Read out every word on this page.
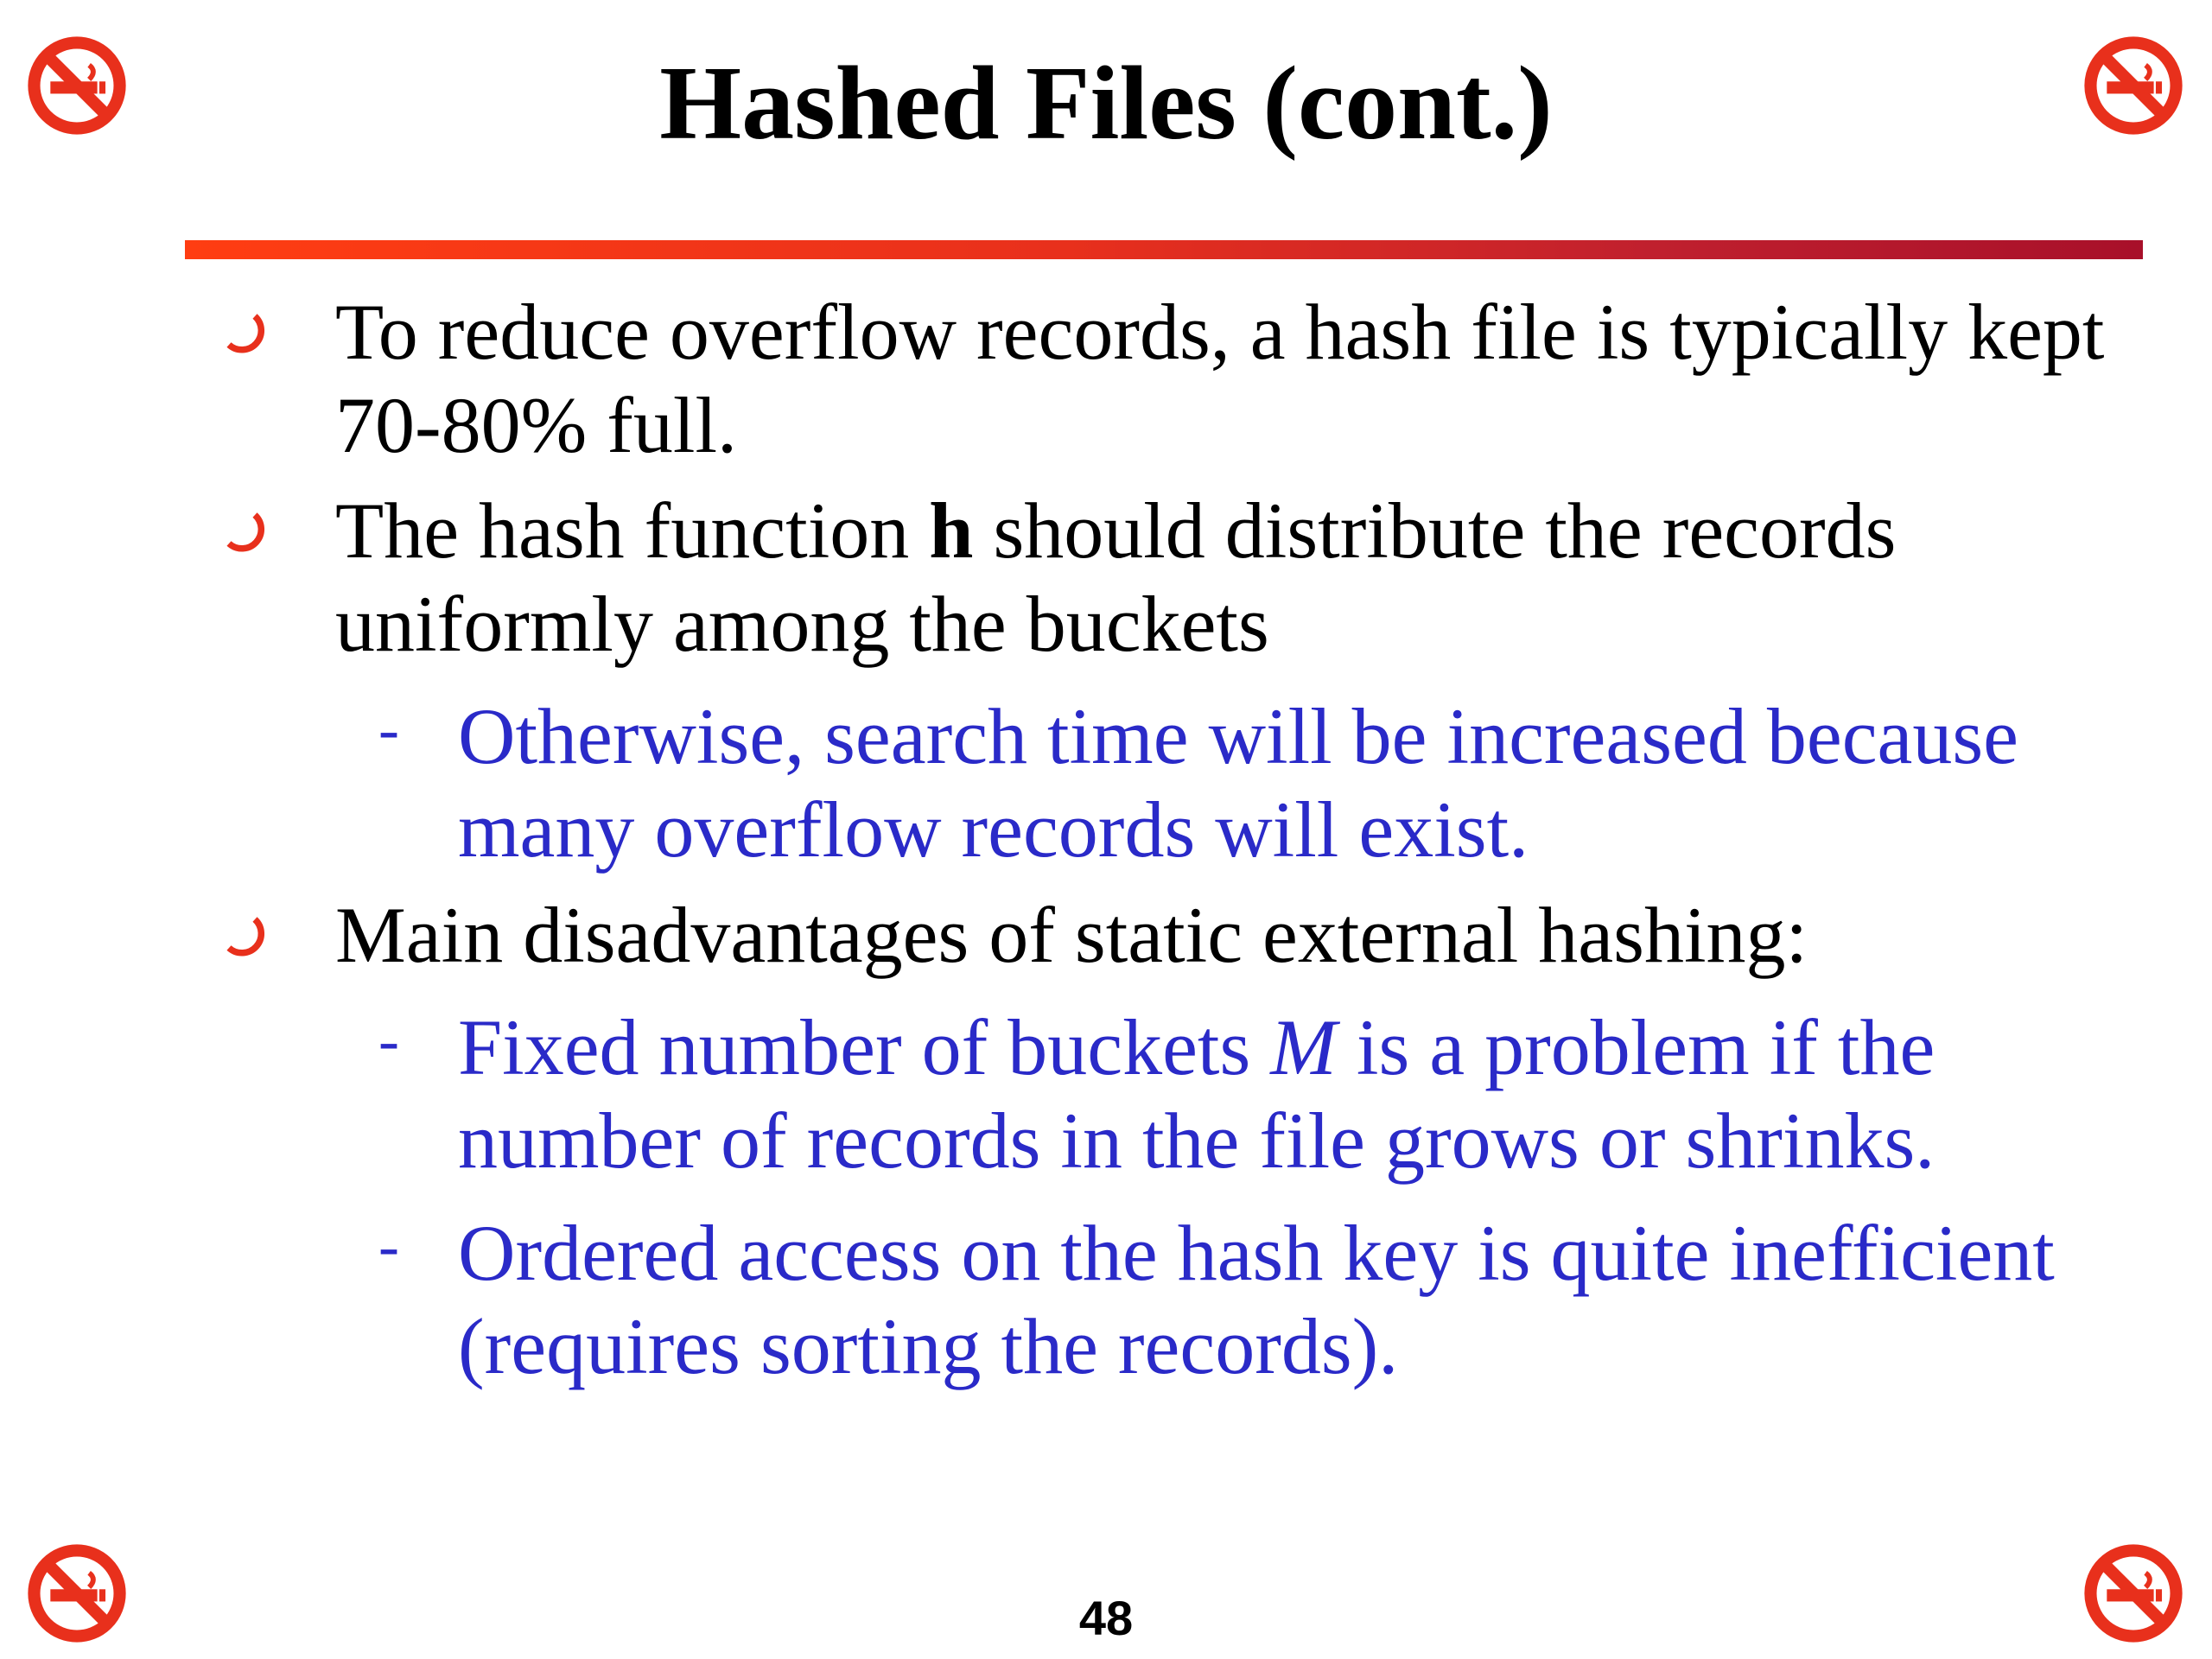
Hashed Files (cont.)
To reduce overflow records, a hash file is typically kept 70-80% full.
The hash function h should distribute the records uniformly among the buckets
- Otherwise, search time will be increased because many overflow records will exist.
Main disadvantages of static external hashing:
- Fixed number of buckets M is a problem if the number of records in the file grows or shrinks.
- Ordered access on the hash key is quite inefficient (requires sorting the records).
48
